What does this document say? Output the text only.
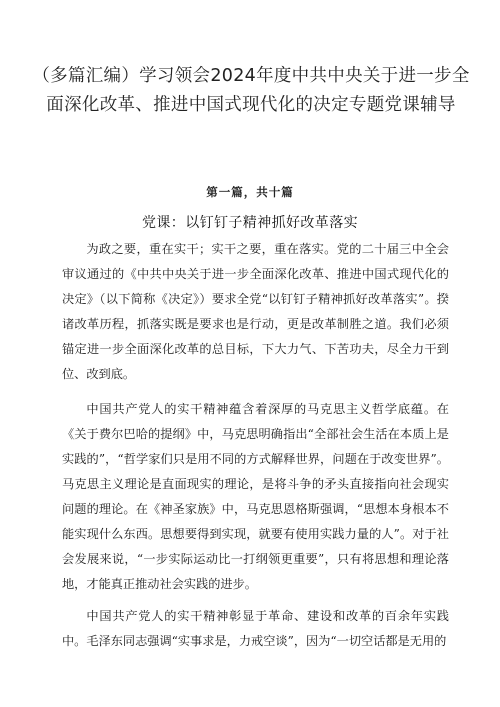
（多篇汇编）学习领会2024年度中共中央关于进一步全面深化改革、推进中国式现代化的决定专题党课辅导
第一篇，共十篇
党课：以钉钉子精神抓好改革落实

为政之要，重在实干；实干之要，重在落实。党的二十届三中全会审议通过的《中共中央关于进一步全面深化改革、推进中国式现代化的决定》（以下简称《决定》）要求全党“以钉钉子精神抓好改革落实”。揆诸改革历程，抓落实既是要求也是行动，更是改革制胜之道。我们必须锚定进一步全面深化改革的总目标，下大力气、下苦功夫，尽全力干到位、改到底。

中国共产党人的实干精神蕴含着深厚的马克思主义哲学底蕴。在《关于费尔巴哈的提纲》中，马克思明确指出“全部社会生活在本质上是实践的”，“哲学家们只是用不同的方式解释世界，问题在于改变世界”。马克思主义理论是直面现实的理论，是将斗争的矛头直接指向社会现实问题的理论。在《神圣家族》中，马克思恩格斯强调，“思想本身根本不能实现什么东西。思想要得到实现，就要有使用实践力量的人”。对于社会发展来说，“一步实际运动比一打纲领更重要”，只有将思想和理论落地，才能真正推动社会实践的进步。

中国共产党人的实干精神彰显于革命、建设和改革的百余年实践中。毛泽东同志强调“实事求是，力戒空谈”，因为“一切空话都是无用的
